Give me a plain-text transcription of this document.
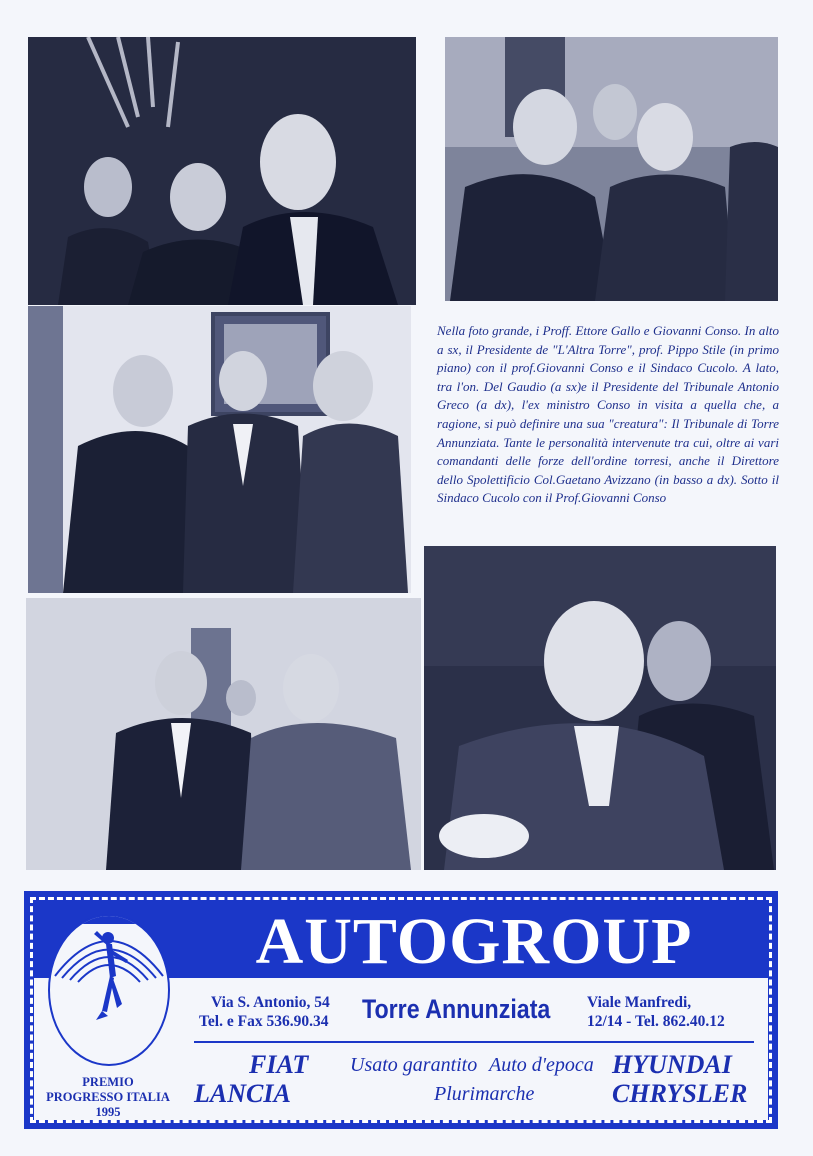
Nella foto grande, i Proff. Ettore Gallo e Giovanni Conso. In alto a sx, il Presidente de "L'Altra Torre", prof. Pippo Stile (in primo piano) con il prof.Giovanni Conso e il Sindaco Cucolo. A lato, tra l'on. Del Gaudio (a sx)e il Presidente del Tribunale Antonio Greco (a dx), l'ex ministro Conso in visita a quella che, a ragione, si può definire una sua "creatura": Il Tribunale di Torre Annunziata. Tante le personalità intervenute tra cui, oltre ai vari comandanti delle forze dell'ordine torresi, anche il Direttore dello Spolettificio Col.Gaetano Avizzano (in basso a dx). Sotto il Sindaco Cucolo con il Prof.Giovanni Conso

AUTOGROUP
Via S. Antonio, 54
Tel. e Fax 536.90.34 Torre Annunziata Viale Manfredi,
12/14 - Tel. 862.40.12
FIAT
LANCIA
Usato garantito Auto d'epoca
Plurimarche
HYUNDAI
CHRYSLER
PREMIO
PROGRESSO ITALIA 1995
